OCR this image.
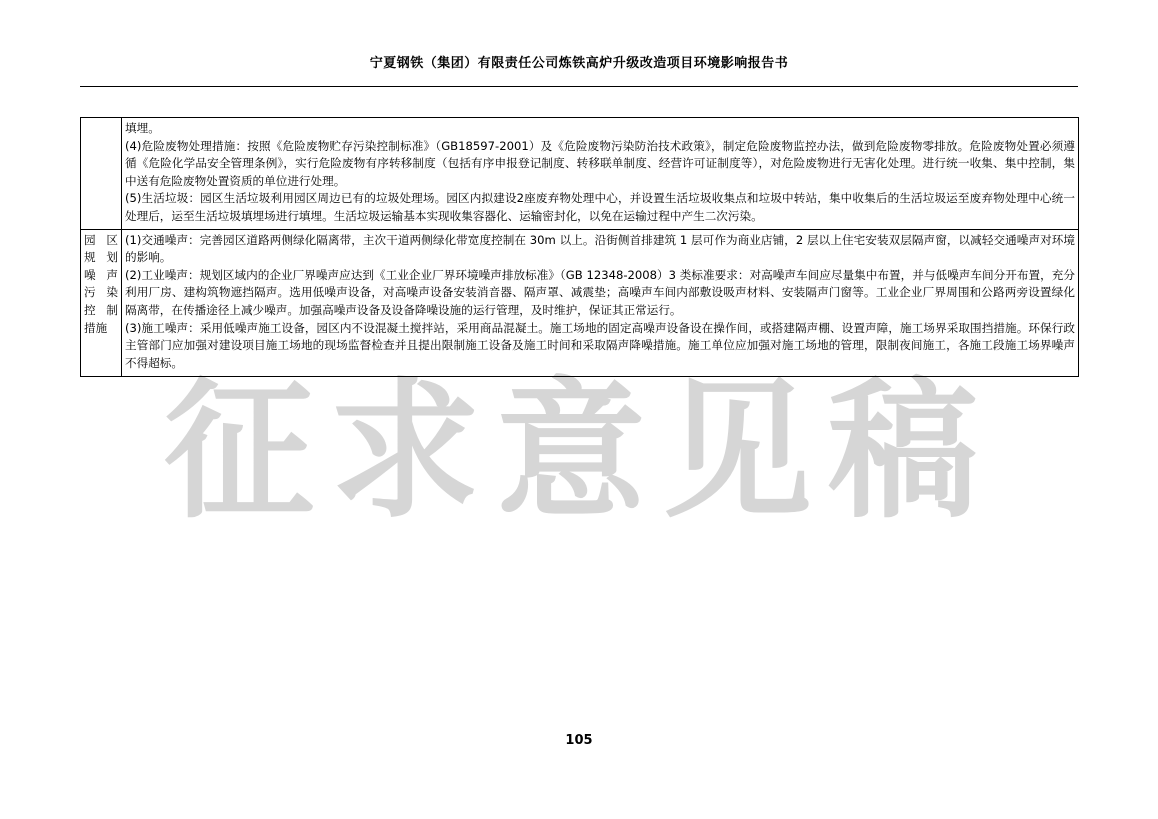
宁夏钢铁（集团）有限责任公司炼铁高炉升级改造项目环境影响报告书
征求意见稿

	填埋。

(4)危险废物处理措施：按照《危险废物贮存污染控制标准》（GB18597-2001）及《危险废物污染防治技术政策》，制定危险废物监控办法，做到危险废物零排放。危险废物处置必须遵循《危险化学品安全管理条例》，实行危险废物有序转移制度（包括有序申报登记制度、转移联单制度、经营许可证制度等），对危险废物进行无害化处理。进行统一收集、集中控制，集中送有危险废物处置资质的单位进行处理。

(5)生活垃圾：园区生活垃圾利用园区周边已有的垃圾处理场。园区内拟建设2座废弃物处理中心，并设置生活垃圾收集点和垃圾中转站，集中收集后的生活垃圾运至废弃物处理中心统一处理后，运至生活垃圾填埋场进行填埋。生活垃圾运输基本实现收集容器化、运输密封化，以免在运输过程中产生二次污染。

园区规划噪声污染控制措施	(1)交通噪声：完善园区道路两侧绿化隔离带，主次干道两侧绿化带宽度控制在 30m 以上。沿街侧首排建筑 1 层可作为商业店铺，2 层以上住宅安装双层隔声窗，以减轻交通噪声对环境的影响。

(2)工业噪声：规划区域内的企业厂界噪声应达到《工业企业厂界环境噪声排放标准》（GB 12348-2008）3 类标准要求：对高噪声车间应尽量集中布置，并与低噪声车间分开布置，充分利用厂房、建构筑物遮挡隔声。选用低噪声设备，对高噪声设备安装消音器、隔声罩、减震垫；高噪声车间内部敷设吸声材料、安装隔声门窗等。工业企业厂界周围和公路两旁设置绿化隔离带，在传播途径上减少噪声。加强高噪声设备及设备降噪设施的运行管理，及时维护，保证其正常运行。

(3)施工噪声：采用低噪声施工设备，园区内不设混凝土搅拌站，采用商品混凝土。施工场地的固定高噪声设备设在操作间，或搭建隔声棚、设置声障，施工场界采取围挡措施。环保行政主管部门应加强对建设项目施工场地的现场监督检查并且提出限制施工设备及施工时间和采取隔声降噪措施。施工单位应加强对施工场地的管理，限制夜间施工，各施工段施工场界噪声不得超标。

105
